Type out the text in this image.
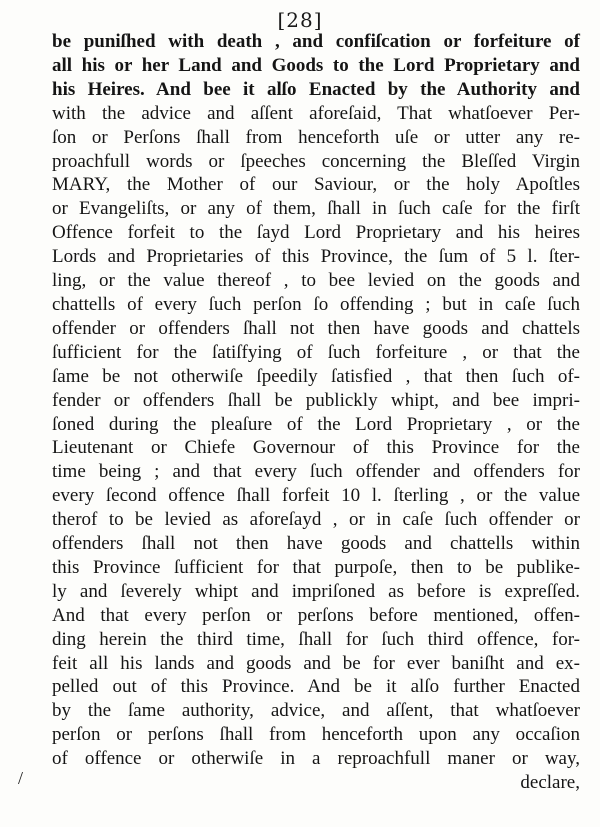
[28]
be puniſhed with death , and confiſcation or forfeiture of
all his or her Land and Goods to the Lord Proprietary and
his Heires. And bee it alſo Enacted by the Authority and
with the advice and aſſent aforeſaid, That whatſoever Per-
ſon or Perſons ſhall from henceforth uſe or utter any re-
proachfull words or ſpeeches concerning the Bleſſed Virgin
MARY, the Mother of our Saviour, or the holy Apoſtles
or Evangeliſts, or any of them, ſhall in ſuch caſe for the firſt
Offence forfeit to the ſayd Lord Proprietary and his heires
Lords and Proprietaries of this Province, the ſum of 5 l. ſter-
ling, or the value thereof , to bee levied on the goods and
chattells of every ſuch perſon ſo offending ; but in caſe ſuch
offender or offenders ſhall not then have goods and chattels
ſufficient for the ſatiſfying of ſuch forfeiture , or that the
ſame be not otherwiſe ſpeedily ſatisfied , that then ſuch of-
fender or offenders ſhall be publickly whipt, and bee impri-
ſoned during the pleaſure of the Lord Proprietary , or the
Lieutenant or Chiefe Governour of this Province for the
time being ; and that every ſuch offender and offenders for
every ſecond offence ſhall forfeit 10 l. ſterling , or the value
therof to be levied as aforeſayd , or in caſe ſuch offender or
offenders ſhall not then have goods and chattells within
this Province ſufficient for that purpoſe, then to be publike-
ly and ſeverely whipt and impriſoned as before is expreſſed.
And that every perſon or perſons before mentioned, offen-
ding herein the third time, ſhall for ſuch third offence, for-
feit all his lands and goods and be for ever baniſht and ex-
pelled out of this Province. And be it alſo further Enacted
by the ſame authority, advice, and aſſent, that whatſoever
perſon or perſons ſhall from henceforth upon any occaſion
of offence or otherwiſe in a reproachfull maner or way,
declare,
/
